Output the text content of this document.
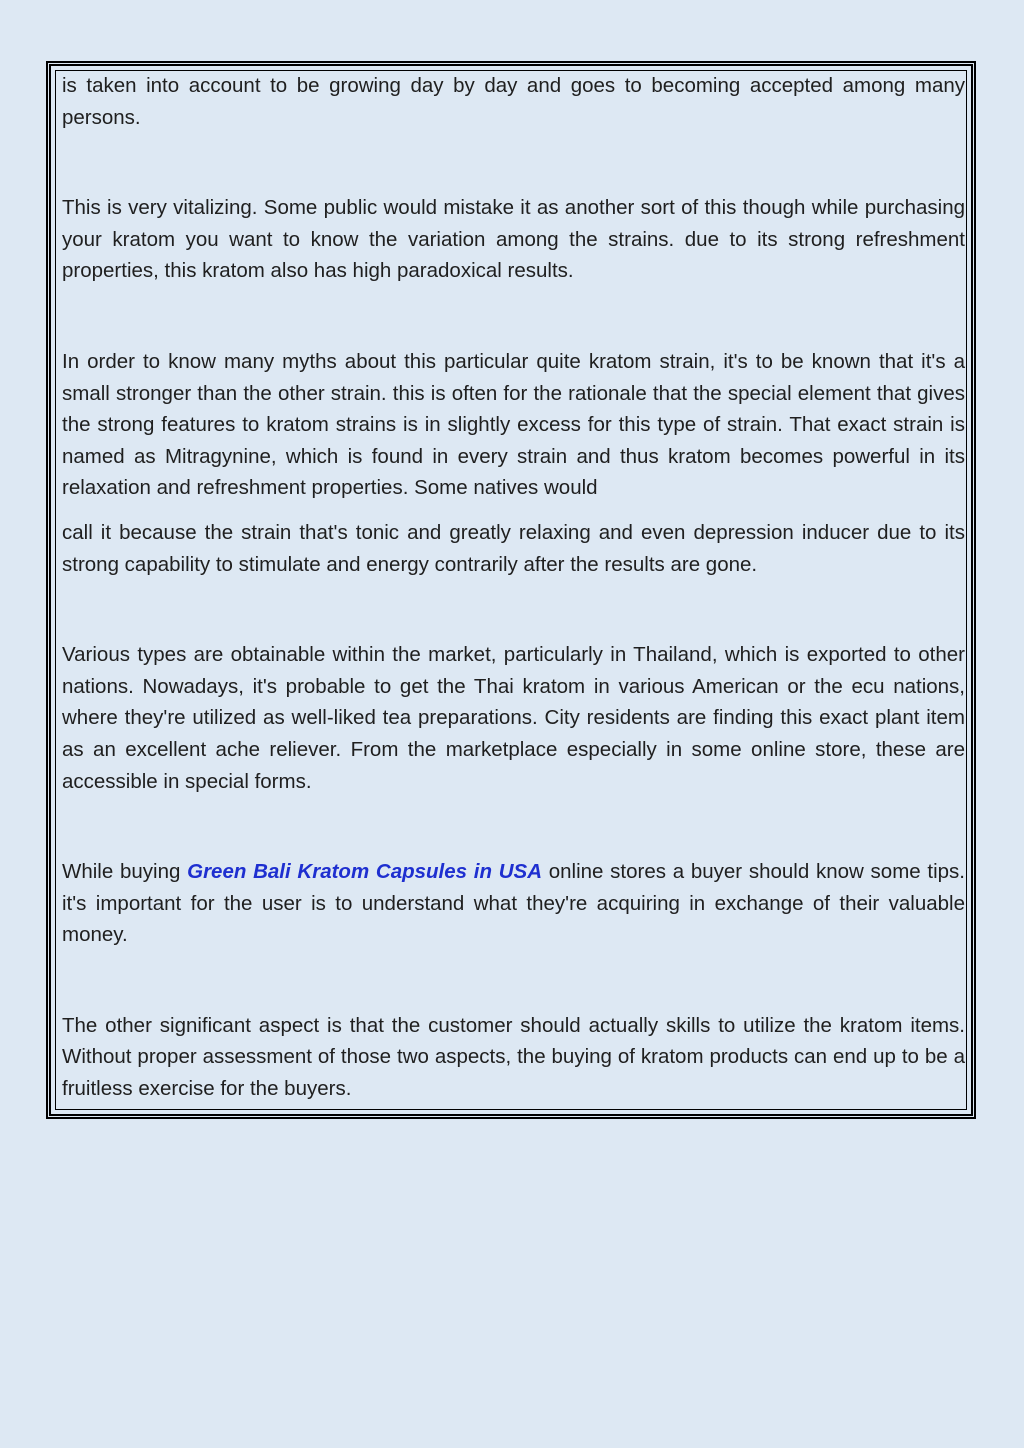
is taken into account to be growing day by day and goes to becoming accepted among many persons.

This is very vitalizing. Some public would mistake it as another sort of this though while purchasing your kratom you want to know the variation among the strains. due to its strong refreshment properties, this kratom also has high paradoxical results.

In order to know many myths about this particular quite kratom strain, it's to be known that it's a small stronger than the other strain. this is often for the rationale that the special element that gives the strong features to kratom strains is in slightly excess for this type of strain. That exact strain is named as Mitragynine, which is found in every strain and thus kratom becomes powerful in its relaxation and refreshment properties. Some natives would

call it because the strain that's tonic and greatly relaxing and even depression inducer due to its strong capability to stimulate and energy contrarily after the results are gone.

Various types are obtainable within the market, particularly in Thailand, which is exported to other nations. Nowadays, it's probable to get the Thai kratom in various American or the ecu nations, where they're utilized as well-liked tea preparations. City residents are finding this exact plant item as an excellent ache reliever. From the marketplace especially in some online store, these are accessible in special forms.

While buying Green Bali Kratom Capsules in USA online stores a buyer should know some tips. it's important for the user is to understand what they're acquiring in exchange of their valuable money.

The other significant aspect is that the customer should actually skills to utilize the kratom items. Without proper assessment of those two aspects, the buying of kratom products can end up to be a fruitless exercise for the buyers.
